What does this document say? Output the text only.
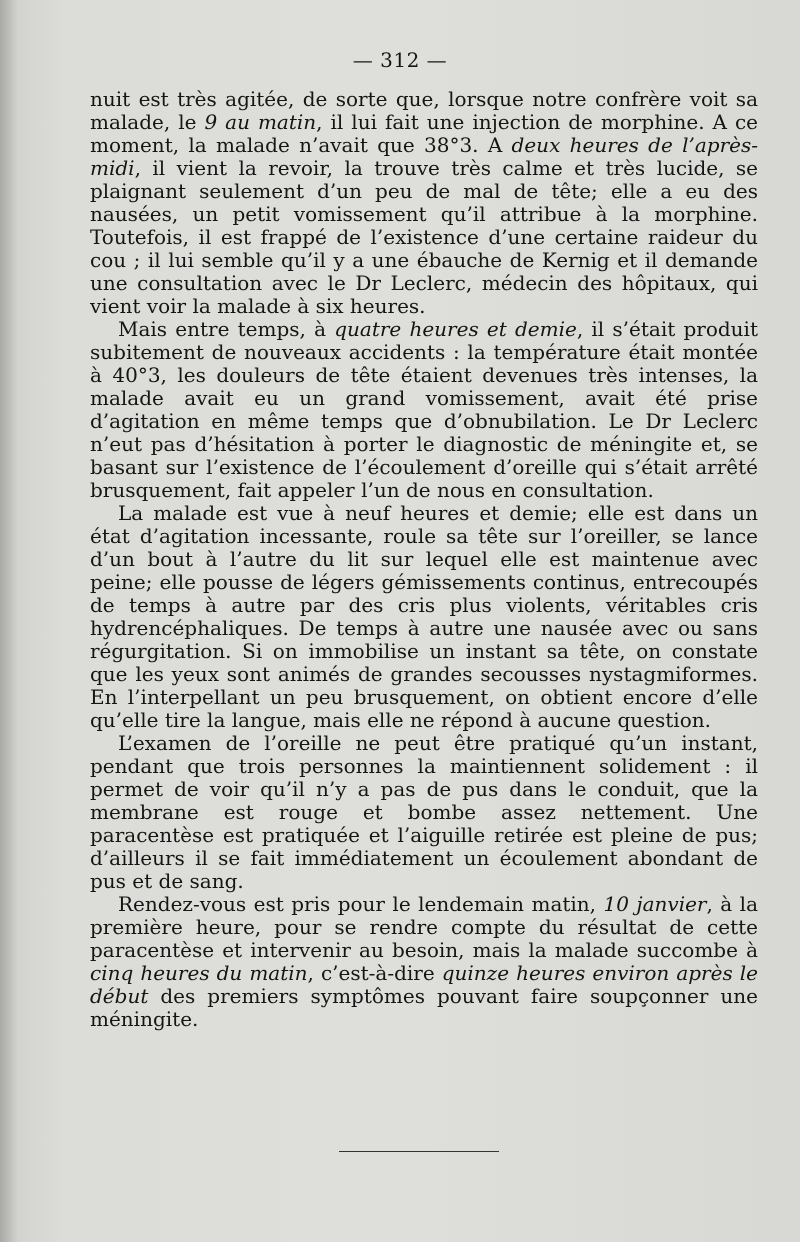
— 312 —

nuit est très agitée, de sorte que, lorsque notre confrère voit sa malade, le 9 au matin, il lui fait une injection de morphine. A ce moment, la malade n’avait que 38°3. A deux heures de l’après-midi, il vient la revoir, la trouve très calme et très lucide, se plaignant seulement d’un peu de mal de tête; elle a eu des nausées, un petit vomissement qu’il attribue à la morphine. Toutefois, il est frappé de l’existence d’une certaine raideur du cou ; il lui semble qu’il y a une ébauche de Kernig et il demande une consultation avec le Dr Leclerc, médecin des hôpitaux, qui vient voir la malade à six heures.

Mais entre temps, à quatre heures et demie, il s’était produit subitement de nouveaux accidents : la température était montée à 40°3, les douleurs de tête étaient devenues très intenses, la malade avait eu un grand vomissement, avait été prise d’agitation en même temps que d’obnubilation. Le Dr Leclerc n’eut pas d’hésitation à porter le diagnostic de méningite et, se basant sur l’existence de l’écoulement d’oreille qui s’était arrêté brusquement, fait appeler l’un de nous en consultation.

La malade est vue à neuf heures et demie; elle est dans un état d’agitation incessante, roule sa tête sur l’oreiller, se lance d’un bout à l’autre du lit sur lequel elle est maintenue avec peine; elle pousse de légers gémissements continus, entrecoupés de temps à autre par des cris plus violents, véritables cris hydrencéphaliques. De temps à autre une nausée avec ou sans régurgitation. Si on immobilise un instant sa tête, on constate que les yeux sont animés de grandes secousses nystagmiformes. En l’interpellant un peu brusquement, on obtient encore d’elle qu’elle tire la langue, mais elle ne répond à aucune question.

L’examen de l’oreille ne peut être pratiqué qu’un instant, pendant que trois personnes la maintiennent solidement : il permet de voir qu’il n’y a pas de pus dans le conduit, que la membrane est rouge et bombe assez nettement. Une paracentèse est pratiquée et l’aiguille retirée est pleine de pus; d’ailleurs il se fait immédiatement un écoulement abondant de pus et de sang.

Rendez-vous est pris pour le lendemain matin, 10 janvier, à la première heure, pour se rendre compte du résultat de cette paracentèse et intervenir au besoin, mais la malade succombe à cinq heures du matin, c’est-à-dire quinze heures environ après le début des premiers symptômes pouvant faire soupçonner une méningite.
